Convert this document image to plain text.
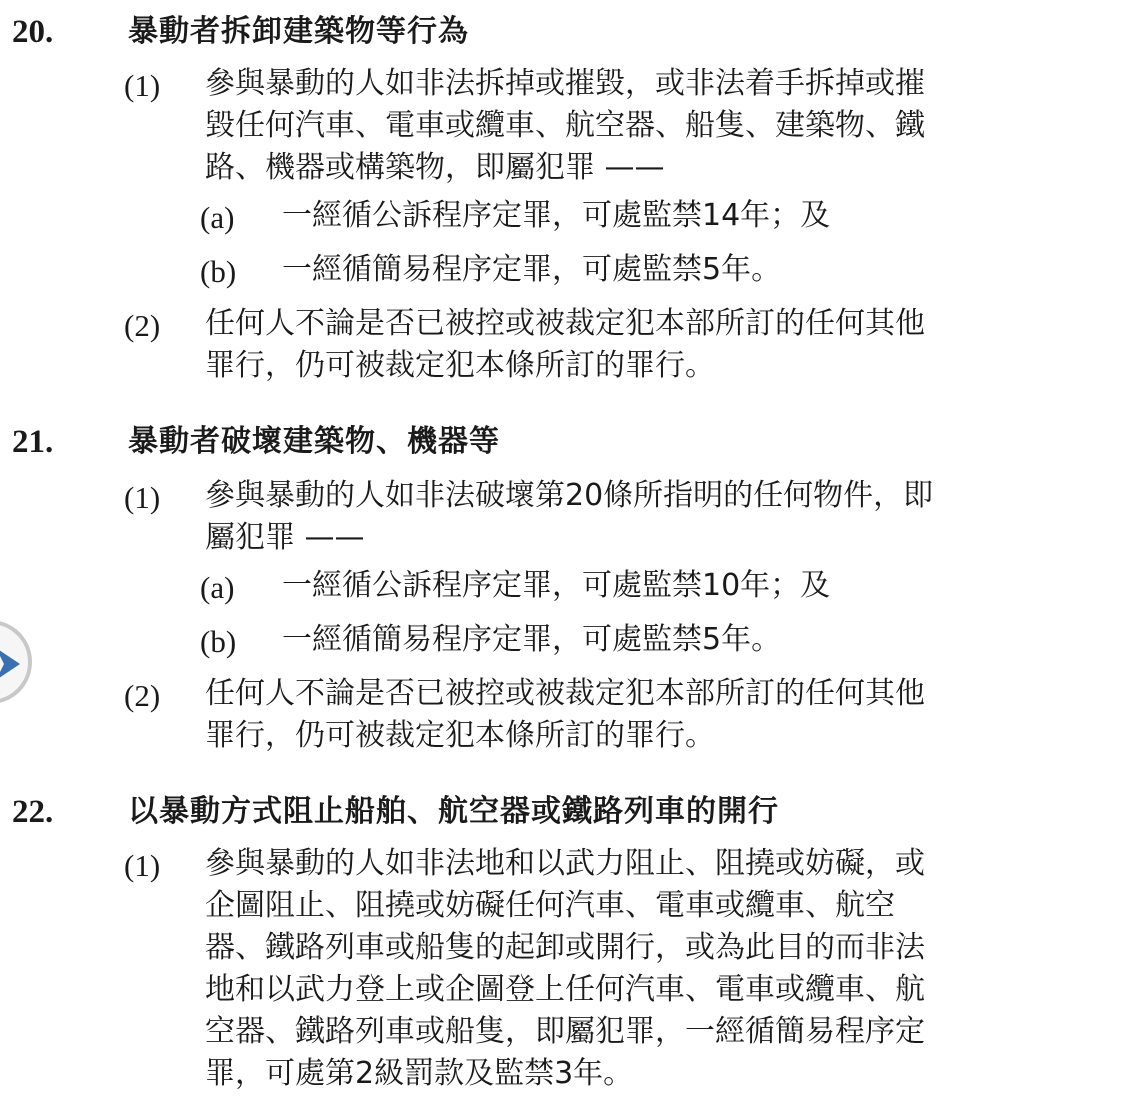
20. 暴動者拆卸建築物等行為
(1) 參與暴動的人如非法拆掉或摧毀，或非法着手拆掉或摧
毀任何汽車、電車或纜車、航空器、船隻、建築物、鐵
路、機器或構築物，即屬犯罪 ——
(a) 一經循公訴程序定罪，可處監禁14年；及
(b) 一經循簡易程序定罪，可處監禁5年。
(2) 任何人不論是否已被控或被裁定犯本部所訂的任何其他
罪行，仍可被裁定犯本條所訂的罪行。
21. 暴動者破壞建築物、機器等
(1) 參與暴動的人如非法破壞第20條所指明的任何物件，即
屬犯罪 ——
(a) 一經循公訴程序定罪，可處監禁10年；及
(b) 一經循簡易程序定罪，可處監禁5年。
(2) 任何人不論是否已被控或被裁定犯本部所訂的任何其他
罪行，仍可被裁定犯本條所訂的罪行。
22. 以暴動方式阻止船舶、航空器或鐵路列車的開行
(1) 參與暴動的人如非法地和以武力阻止、阻撓或妨礙，或
企圖阻止、阻撓或妨礙任何汽車、電車或纜車、航空
器、鐵路列車或船隻的起卸或開行，或為此目的而非法
地和以武力登上或企圖登上任何汽車、電車或纜車、航
空器、鐵路列車或船隻，即屬犯罪，一經循簡易程序定
罪，可處第2級罰款及監禁3年。
